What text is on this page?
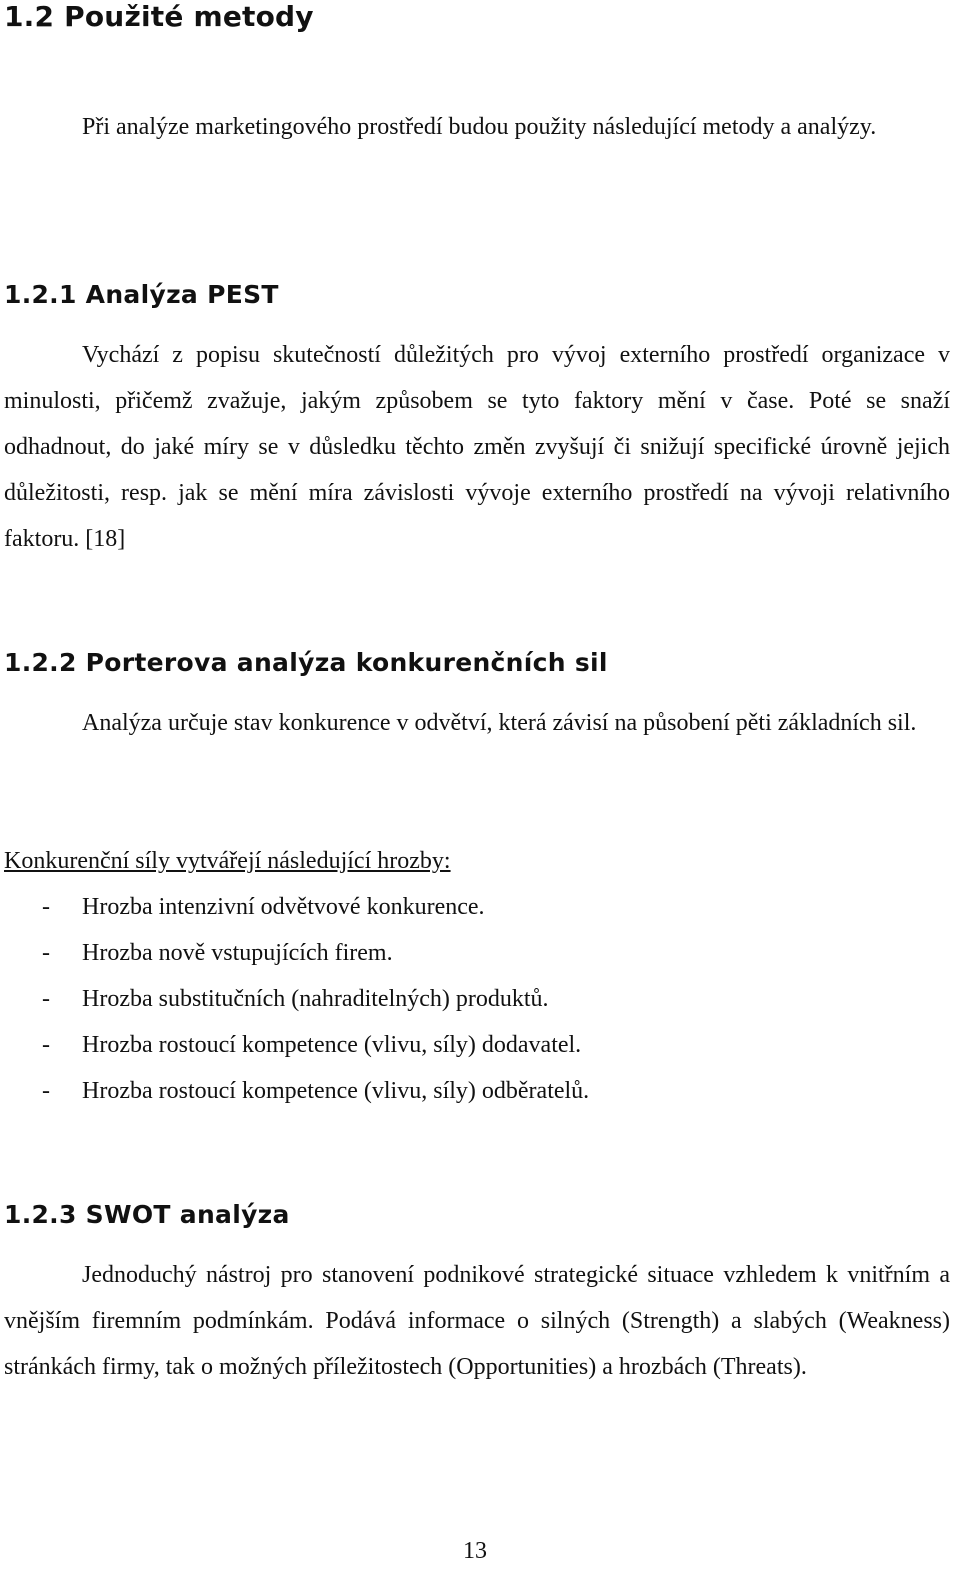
1.2 Použité metody

Při analýze marketingového prostředí budou použity následující metody a analýzy.

1.2.1 Analýza PEST

Vychází z popisu skutečností důležitých pro vývoj externího prostředí organizace v minulosti, přičemž zvažuje, jakým způsobem se tyto faktory mění v čase. Poté se snaží odhadnout, do jaké míry se v důsledku těchto změn zvyšují či snižují specifické úrovně jejich důležitosti, resp. jak se mění míra závislosti vývoje externího prostředí na vývoji relativního faktoru. [18]

1.2.2 Porterova analýza konkurenčních sil

Analýza určuje stav konkurence v odvětví, která závisí na působení pěti základních sil.

Konkurenční síly vytvářejí následující hrozby:

- Hrozba intenzivní odvětvové konkurence.
- Hrozba nově vstupujících firem.
- Hrozba substitučních (nahraditelných) produktů.
- Hrozba rostoucí kompetence (vlivu, síly) dodavatel.
- Hrozba rostoucí kompetence (vlivu, síly) odběratelů.
1.2.3 SWOT analýza

Jednoduchý nástroj pro stanovení podnikové strategické situace vzhledem k vnitřním a vnějším firemním podmínkám. Podává informace o silných (Strength) a slabých (Weakness) stránkách firmy, tak o možných příležitostech (Opportunities) a hrozbách (Threats).

13
